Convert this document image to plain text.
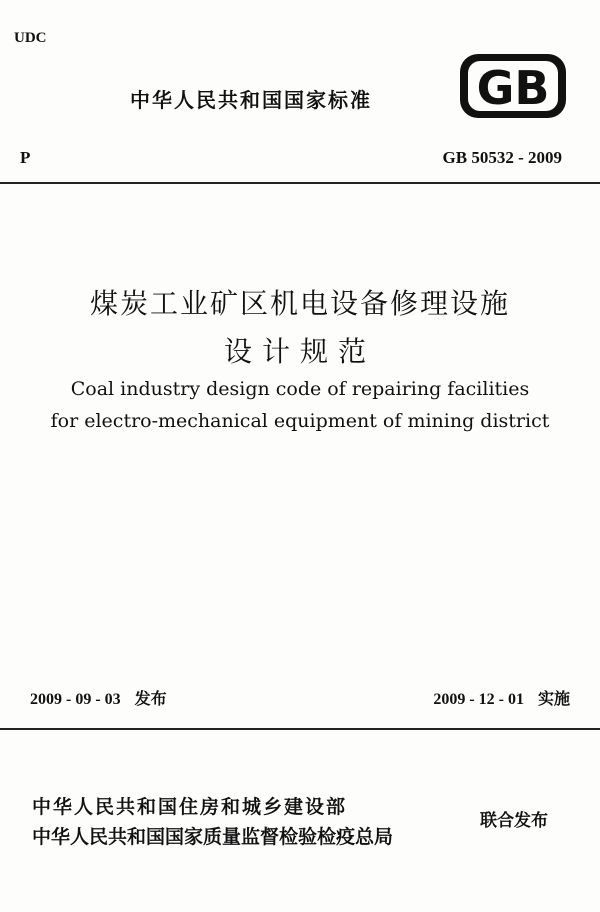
UDC
中华人民共和国国家标准 GB
P	GB 50532 - 2009
煤炭工业矿区机电设备修理设施
设计规范
Coal industry design code of repairing facilities
for electro-mechanical equipment of mining district
2009 - 09 - 03 发布	2009 - 12 - 01 实施
中华人民共和国住房和城乡建设部
中华人民共和国国家质量监督检验检疫总局
联合发布
